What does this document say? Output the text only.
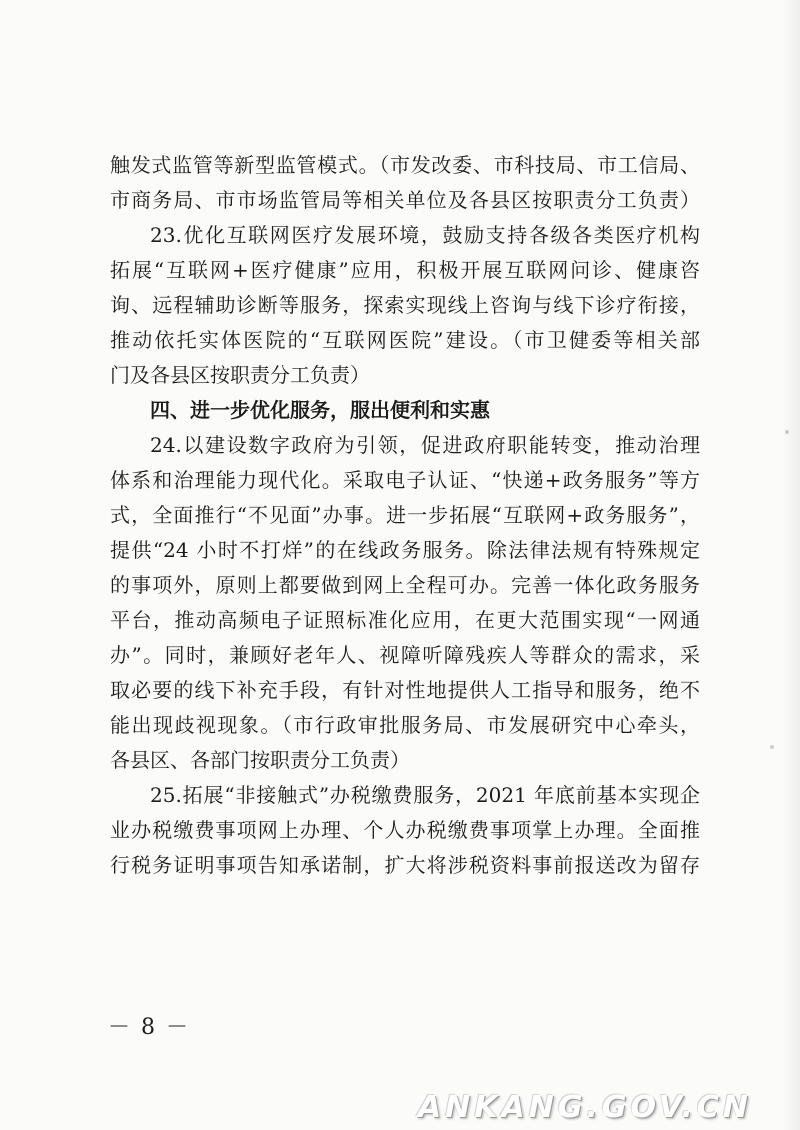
触发式监管等新型监管模式。（市发改委、市科技局、市工信局、
市商务局、市市场监管局等相关单位及各县区按职责分工负责）
23.优化互联网医疗发展环境，鼓励支持各级各类医疗机构
拓展“互联网+医疗健康”应用，积极开展互联网问诊、健康咨
询、远程辅助诊断等服务，探索实现线上咨询与线下诊疗衔接，
推动依托实体医院的“互联网医院”建设。（市卫健委等相关部
门及各县区按职责分工负责）
四、进一步优化服务，服出便利和实惠
24.以建设数字政府为引领，促进政府职能转变，推动治理
体系和治理能力现代化。采取电子认证、“快递+政务服务”等方
式，全面推行“不见面”办事。进一步拓展“互联网+政务服务”，
提供“24 小时不打烊”的在线政务服务。除法律法规有特殊规定
的事项外，原则上都要做到网上全程可办。完善一体化政务服务
平台，推动高频电子证照标准化应用，在更大范围实现“一网通
办”。同时，兼顾好老年人、视障听障残疾人等群众的需求，采
取必要的线下补充手段，有针对性地提供人工指导和服务，绝不
能出现歧视现象。（市行政审批服务局、市发展研究中心牵头，
各县区、各部门按职责分工负责）
25.拓展“非接触式”办税缴费服务，2021 年底前基本实现企
业办税缴费事项网上办理、个人办税缴费事项掌上办理。全面推
行税务证明事项告知承诺制，扩大将涉税资料事前报送改为留存
－ 8 －
ANKANG.GOV.CN
